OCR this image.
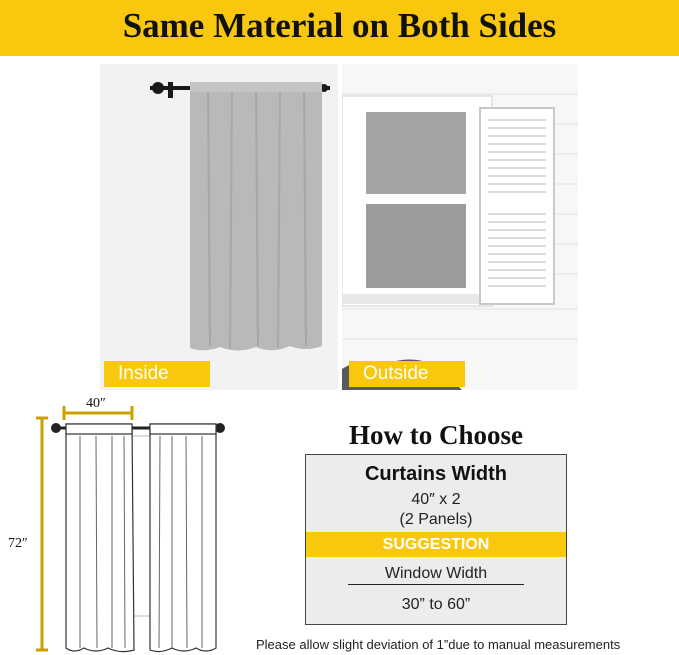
Same Material on Both Sides
Inside	Outside
40″
72″
How to Choose
Curtains Width
40″ x 2
(2 Panels)
SUGGESTION
Window Width
30” to 60”
Please allow slight deviation of 1”due to manual measurements
